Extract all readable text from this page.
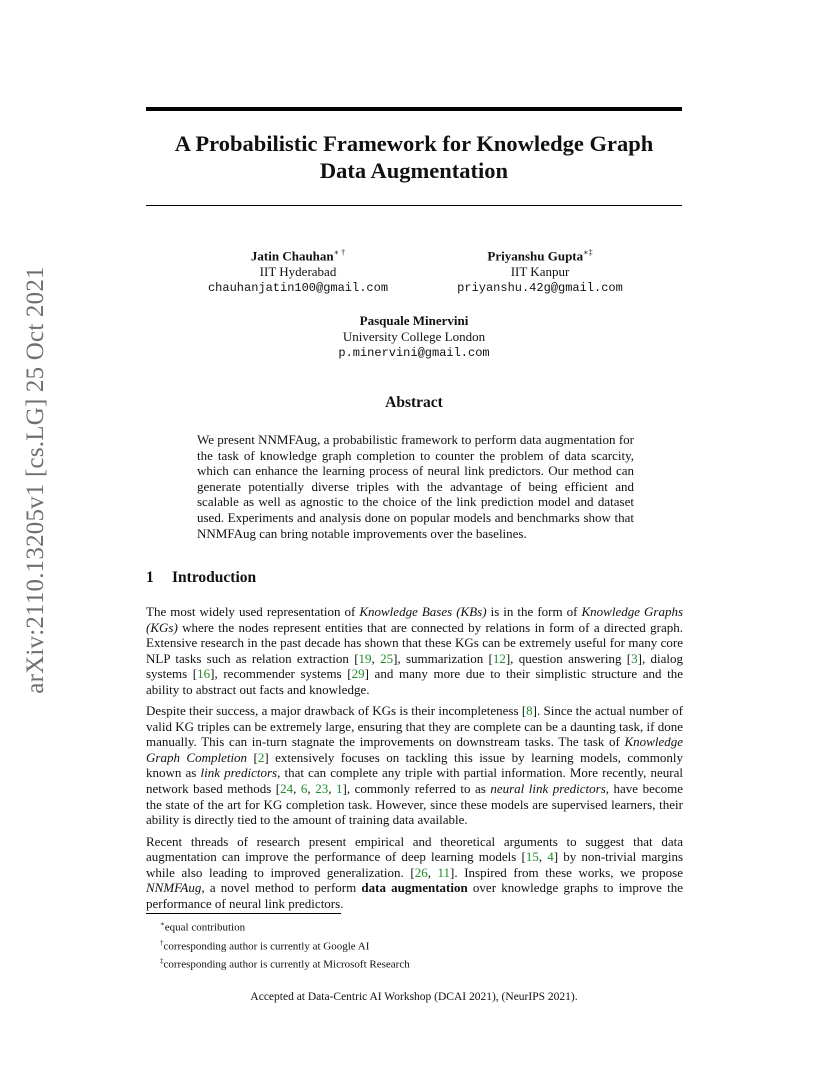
arXiv:2110.13205v1 [cs.LG] 25 Oct 2021
A Probabilistic Framework for Knowledge Graph
Data Augmentation
Jatin Chauhan∗ †
IIT Hyderabad
chauhanjatin100@gmail.com
Priyanshu Gupta∗‡
IIT Kanpur
priyanshu.42g@gmail.com
Pasquale Minervini
University College London
p.minervini@gmail.com
Abstract
We present NNMFAug, a probabilistic framework to perform data augmentation for the task of knowledge graph completion to counter the problem of data scarcity, which can enhance the learning process of neural link predictors. Our method can generate potentially diverse triples with the advantage of being efficient and scalable as well as agnostic to the choice of the link prediction model and dataset used. Experiments and analysis done on popular models and benchmarks show that NNMFAug can bring notable improvements over the baselines.
1 Introduction

The most widely used representation of Knowledge Bases (KBs) is in the form of Knowledge Graphs (KGs) where the nodes represent entities that are connected by relations in form of a directed graph. Extensive research in the past decade has shown that these KGs can be extremely useful for many core NLP tasks such as relation extraction [19, 25], summarization [12], question answering [3], dialog systems [16], recommender systems [29] and many more due to their simplistic structure and the ability to abstract out facts and knowledge.

Despite their success, a major drawback of KGs is their incompleteness [8]. Since the actual number of valid KG triples can be extremely large, ensuring that they are complete can be a daunting task, if done manually. This can in-turn stagnate the improvements on downstream tasks. The task of Knowledge Graph Completion [2] extensively focuses on tackling this issue by learning models, commonly known as link predictors, that can complete any triple with partial information. More recently, neural network based methods [24, 6, 23, 1], commonly referred to as neural link predictors, have become the state of the art for KG completion task. However, since these models are supervised learners, their ability is directly tied to the amount of training data available.

Recent threads of research present empirical and theoretical arguments to suggest that data augmentation can improve the performance of deep learning models [15, 4] by non-trivial margins while also leading to improved generalization. [26, 11]. Inspired from these works, we propose NNMFAug, a novel method to perform data augmentation over knowledge graphs to improve the performance of neural link predictors.

∗equal contribution
†corresponding author is currently at Google AI
‡corresponding author is currently at Microsoft Research
Accepted at Data-Centric AI Workshop (DCAI 2021), (NeurIPS 2021).
